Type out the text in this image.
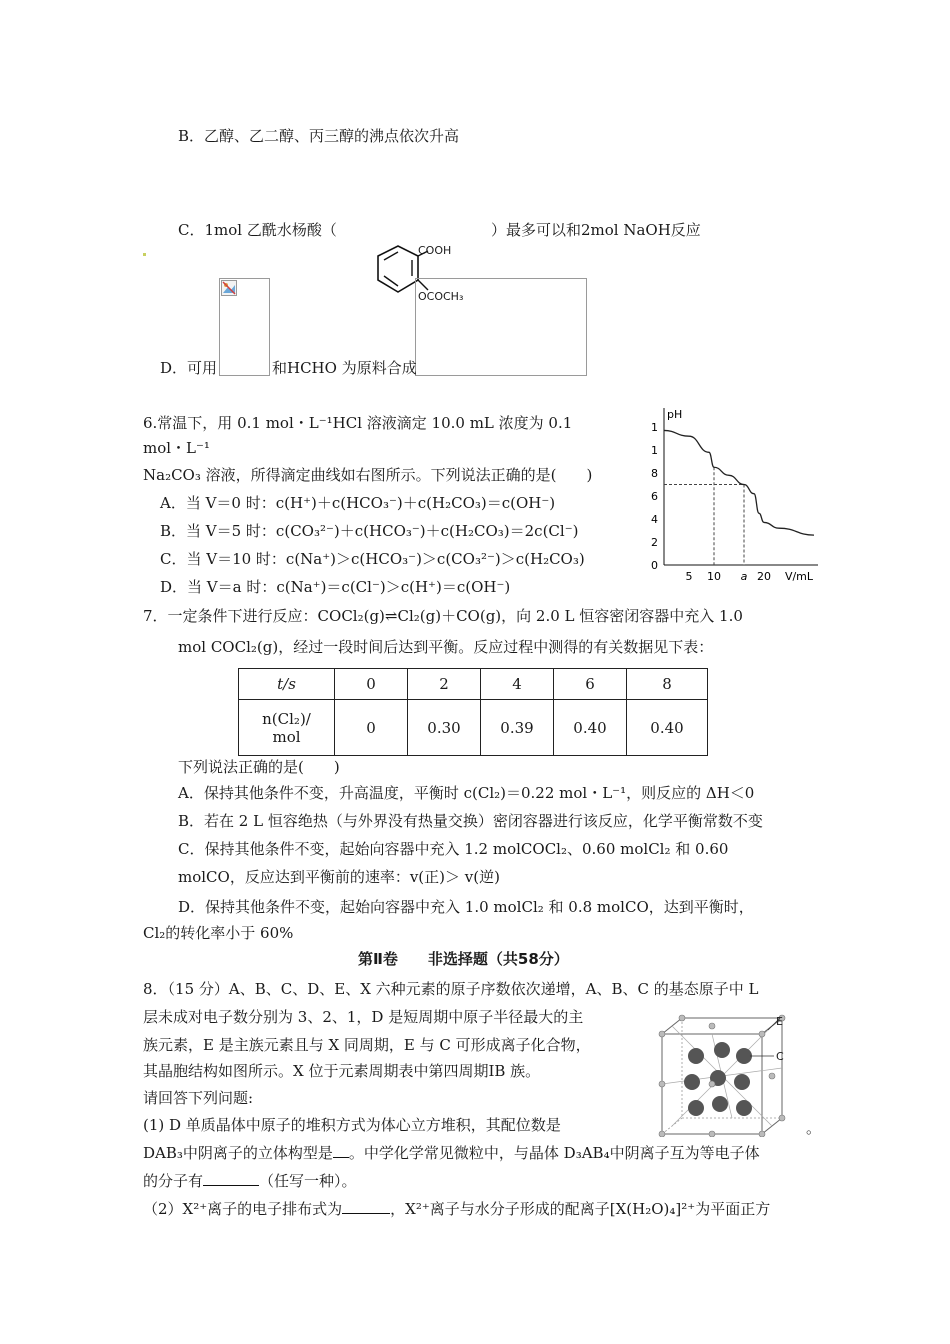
B．乙醇、乙二醇、丙三醇的沸点依次升高
C．1mol 乙酰水杨酸（	）最多可以和2mol NaOH反应
COOH
OCOCH₃
D．可用	和HCHO 为原料合成
6.常温下，用 0.1 mol・L⁻¹HCl 溶液滴定 10.0 mL 浓度为 0.1
mol・L⁻¹
Na₂CO₃ 溶液，所得滴定曲线如右图所示。下列说法正确的是(　　)
A．当 V＝0 时：c(H⁺)＋c(HCO₃⁻)＋c(H₂CO₃)＝c(OH⁻)
B．当 V＝5 时：c(CO₃²⁻)＋c(HCO₃⁻)＋c(H₂CO₃)＝2c(Cl⁻)
C．当 V＝10 时：c(Na⁺)＞c(HCO₃⁻)＞c(CO₃²⁻)＞c(H₂CO₃)
D．当 V＝a 时：c(Na⁺)＝c(Cl⁻)＞c(H⁺)＝c(OH⁻)
pH
0
2
4
6
8
1
1
5 10 a 20 V/mL
7．一定条件下进行反应：COCl₂(g)⇌Cl₂(g)＋CO(g)，向 2.0 L 恒容密闭容器中充入 1.0
mol COCl₂(g)，经过一段时间后达到平衡。反应过程中测得的有关数据见下表：
t/s	0	2	4	6	8

n(Cl₂)/
mol	0	0.30	0.39	0.40	0.40
下列说法正确的是(　　)
A．保持其他条件不变，升高温度，平衡时 c(Cl₂)＝0.22 mol・L⁻¹，则反应的 ΔH＜0
B．若在 2 L 恒容绝热（与外界没有热量交换）密闭容器进行该反应，化学平衡常数不变
C．保持其他条件不变，起始向容器中充入 1.2 molCOCl₂、0.60 molCl₂ 和 0.60
molCO，反应达到平衡前的速率：v(正)＞ v(逆)
D．保持其他条件不变，起始向容器中充入 1.0 molCl₂ 和 0.8 molCO，达到平衡时，
Cl₂的转化率小于 60%
第Ⅱ卷　　非选择题（共58分）
8．（15 分）A、B、C、D、E、X 六种元素的原子序数依次递增，A、B、C 的基态原子中 L
层未成对电子数分别为 3、2、1，D 是短周期中原子半径最大的主
族元素，E 是主族元素且与 X 同周期，E 与 C 可形成离子化合物，
其晶胞结构如图所示。X 位于元素周期表中第四周期ⅠB 族。
请回答下列问题:
(1) D 单质晶体中原子的堆积方式为体心立方堆积，其配位数是	。
DAB₃中阴离子的立体构型是 。中学化学常见微粒中，与晶体 D₃AB₄中阴离子互为等电子体
的分子有	（任写一种）。
（2）X²⁺离子的电子排布式为	，X²⁺离子与水分子形成的配离子[X(H₂O)₄]²⁺为平面正方
E
C
